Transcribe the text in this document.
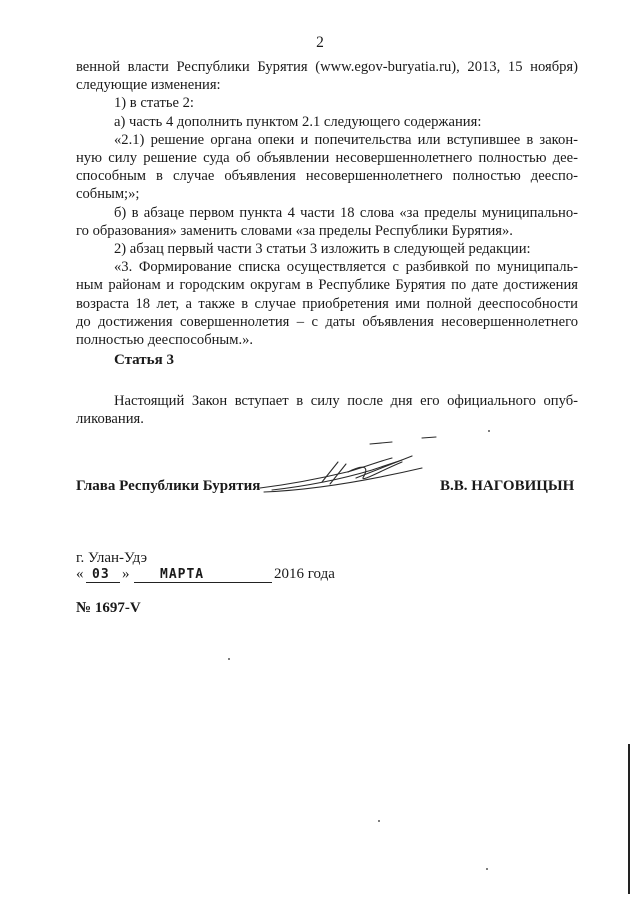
2

венной власти Республики Бурятия (www.egov-buryatia.ru), 2013, 15 ноября)

следующие изменения:

1) в статье 2:

а) часть 4 дополнить пунктом 2.1 следующего содержания:

«2.1) решение органа опеки и попечительства или вступившее в закон-

ную силу решение суда об объявлении несовершеннолетнего полностью дее-

способным в случае объявления несовершеннолетнего полностью дееспо-

собным;»;

б) в абзаце первом пункта 4 части 18 слова «за пределы муниципально-

го образования» заменить словами «за пределы Республики Бурятия».

2) абзац первый части 3 статьи 3 изложить в следующей редакции:

«3. Формирование списка осуществляется с разбивкой по муниципаль-

ным районам и городским округам в Республике Бурятия по дате достижения

возраста 18 лет, а также в случае приобретения ими полной дееспособности

до достижения совершеннолетия – с даты объявления несовершеннолетнего

полностью дееспособным.».

Статья 3

Настоящий Закон вступает в силу после дня его официального опуб-

ликования.

Глава Республики Бурятия	В.В. НАГОВИЦЫН
г. Улан-Удэ
« 03 » МАРТА	2016 года
№ 1697-V
